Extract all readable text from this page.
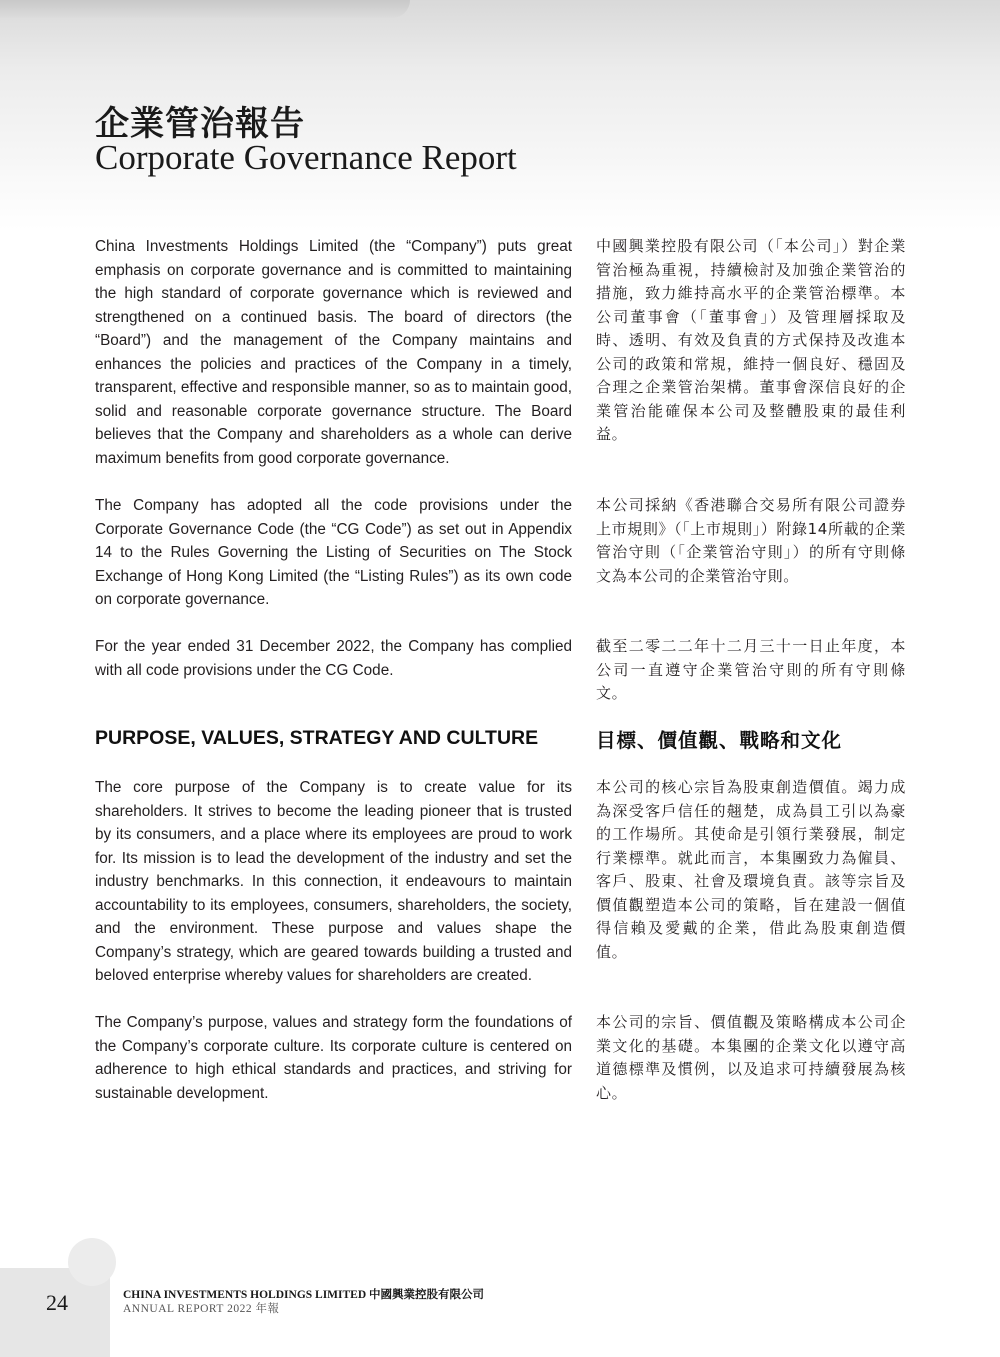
企業管治報告
Corporate Governance Report

China Investments Holdings Limited (the “Company”) puts great emphasis on corporate governance and is committed to maintaining the high standard of corporate governance which is reviewed and strengthened on a continued basis. The board of directors (the “Board”) and the management of the Company maintains and enhances the policies and practices of the Company in a timely, transparent, effective and responsible manner, so as to maintain good, solid and reasonable corporate governance structure. The Board believes that the Company and shareholders as a whole can derive maximum benefits from good corporate governance.

中國興業控股有限公司（「本公司」）對企業管治極為重視，持續檢討及加強企業管治的措施，致力維持高水平的企業管治標準。本公司董事會（「董事會」）及管理層採取及時、透明、有效及負責的方式保持及改進本公司的政策和常規，維持一個良好、穩固及合理之企業管治架構。董事會深信良好的企業管治能確保本公司及整體股東的最佳利益。

The Company has adopted all the code provisions under the Corporate Governance Code (the “CG Code”) as set out in Appendix 14 to the Rules Governing the Listing of Securities on The Stock Exchange of Hong Kong Limited (the “Listing Rules”) as its own code on corporate governance.

本公司採納《香港聯合交易所有限公司證券上市規則》（「上市規則」）附錄14所載的企業管治守則（「企業管治守則」）的所有守則條文為本公司的企業管治守則。

For the year ended 31 December 2022, the Company has complied with all code provisions under the CG Code.

截至二零二二年十二月三十一日止年度，本公司一直遵守企業管治守則的所有守則條文。

PURPOSE, VALUES, STRATEGY AND CULTURE	目標、價值觀、戰略和文化

The core purpose of the Company is to create value for its shareholders. It strives to become the leading pioneer that is trusted by its consumers, and a place where its employees are proud to work for. Its mission is to lead the development of the industry and set the industry benchmarks. In this connection, it endeavours to maintain accountability to its employees, consumers, shareholders, the society, and the environment. These purpose and values shape the Company’s strategy, which are geared towards building a trusted and beloved enterprise whereby values for shareholders are created.

本公司的核心宗旨為股東創造價值。竭力成為深受客戶信任的翹楚，成為員工引以為豪的工作場所。其使命是引領行業發展，制定行業標準。就此而言，本集團致力為僱員、客戶、股東、社會及環境負責。該等宗旨及價值觀塑造本公司的策略，旨在建設一個值得信賴及愛戴的企業，借此為股東創造價值。

The Company’s purpose, values and strategy form the foundations of the Company’s corporate culture. Its corporate culture is centered on adherence to high ethical standards and practices, and striving for sustainable development.

本公司的宗旨、價值觀及策略構成本公司企業文化的基礎。本集團的企業文化以遵守高道德標準及慣例，以及追求可持續發展為核心。

24	CHINA INVESTMENTS HOLDINGS LIMITED 中國興業控股有限公司
ANNUAL REPORT 2022 年報
